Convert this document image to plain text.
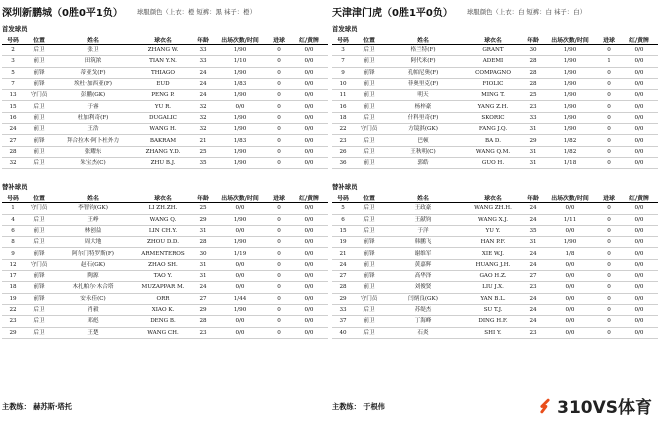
深圳新鹏城（0胜0平1负） 球服颜色（上衣：橙 短裤：黑 袜子：橙）
首发球员
号码	位置	姓名	球衣名	年龄	出场次数/时间	进球	红/黄牌
2	后卫	张卫	ZHANG W.	33	1/90	0	0/0
3	前卫	田筑浓	TIAN Y.N.	33	1/10	0	0/0
5	前锋	蒂亚戈(F)	THIAGO	24	1/90	0	0/0
7	前锋	埃杜·加西亚(F)	EUD	24	1/83	0	0/0
13	守门员	彭鹏(GK)	PENG P.	24	1/90	0	0/0
15	后卫	于睿	YU R.	32	0/0	0	0/0
16	前卫	杜加利奇(F)	DUGALIC	32	1/90	0	0/0
24	前卫	王浩	WANG H.	32	1/90	0	0/0
27	前锋	拜合拉木·阿卜杜外力	BAKRAM	21	1/83	0	0/0
28	前卫	张耀东	ZHANG Y.D.	25	1/90	0	0/0
32	后卫	朱宝杰(C)	ZHU B.J.	35	1/90	0	0/0
替补球员
号码	位置	姓名	球衣名	年龄	出场次数/时间	进球	红/黄牌
1	守门员	李智钧(GK)	LI ZH.ZH.	25	0/0	0	0/0
4	后卫	王峥	WANG Q.	29	1/90	0	0/0
6	前卫	林创益	LIN CH.Y.	31	0/0	0	0/0
8	后卫	周大地	ZHOU D.D.	28	1/90	0	0/0
9	前锋	阿尔门特罗斯(F)	ARMENTEROS	30	1/19	0	0/0
12	守门员	赵石(GK)	ZHAO SH.	31	0/0	0	0/0
17	前锋	陶源	TAO Y.	31	0/0	0	0/0
18	前锋	木扎帕尔·木合塔	MUZAPPAR M.	24	0/0	0	0/0
19	前锋	安永佳(C)	ORR	27	1/44	0	0/0
22	后卫	肖毅	XIAO K.	29	1/90	0	0/0
23	后卫	邓彪	DENG B.	28	0/0	0	0/0
29	后卫	王楚	WANG CH.	23	0/0	0	0/0
天津津门虎（0胜1平0负） 球服颜色（上衣：白 短裤：白 袜子：白）
首发球员
号码	位置	姓名	球衣名	年龄	出场次数/时间	进球	红/黄牌
3	后卫	格兰特(F)	GRANT	30	1/90	0	0/0
7	前卫	阿代米(F)	ADEMI	28	1/90	1	0/0
9	前锋	孔帕尼奥(F)	COMPAGNO	28	1/90	0	0/0
10	前卫	菲奥里克(F)	FIOLIC	28	1/90	0	0/0
11	前卫	明天	MING T.	25	1/90	0	0/0
16	前卫	杨梓豪	YANG Z.H.	23	1/90	0	0/0
18	后卫	什科里奇(F)	SKORIC	33	1/90	0	0/0
22	守门员	方镜淇(GK)	FANG J.Q.	31	1/90	0	0/0
23	后卫	巴顿	BA D.	29	1/82	0	0/0
26	后卫	王秋明(C)	WANG Q.M.	31	1/82	0	0/0
36	前卫	郭皓	GUO H.	31	1/18	0	0/0
替补球员
号码	位置	姓名	球衣名	年龄	出场次数/时间	进球	红/黄牌
5	后卫	王政豪	WANG ZH.H.	24	0/0	0	0/0
6	后卫	王献钧	WANG X.J.	24	1/11	0	0/0
15	后卫	于洋	YU Y.	35	0/0	0	0/0
19	前锋	韩鹏飞	HAN P.F.	31	1/90	0	0/0
21	前锋	谢维军	XIE W.J.	24	1/8	0	0/0
24	前卫	黄嘉辉	HUANG J.H.	24	0/0	0	0/0
27	前锋	高华泽	GAO H.Z.	27	0/0	0	0/0
28	前卫	刘俊贤	LIU J.X.	23	0/0	0	0/0
29	守门员	闫炳良(GK)	YAN B.L.	24	0/0	0	0/0
33	后卫	苏缇杰	SU T.J.	24	0/0	0	0/0
37	前卫	丁海峰	DING H.F.	24	0/0	0	0/0
40	后卫	石炎	SHI Y.	23	0/0	0	0/0
主教练： 赫苏斯·塔托	主教练： 于根伟	310VS体育
